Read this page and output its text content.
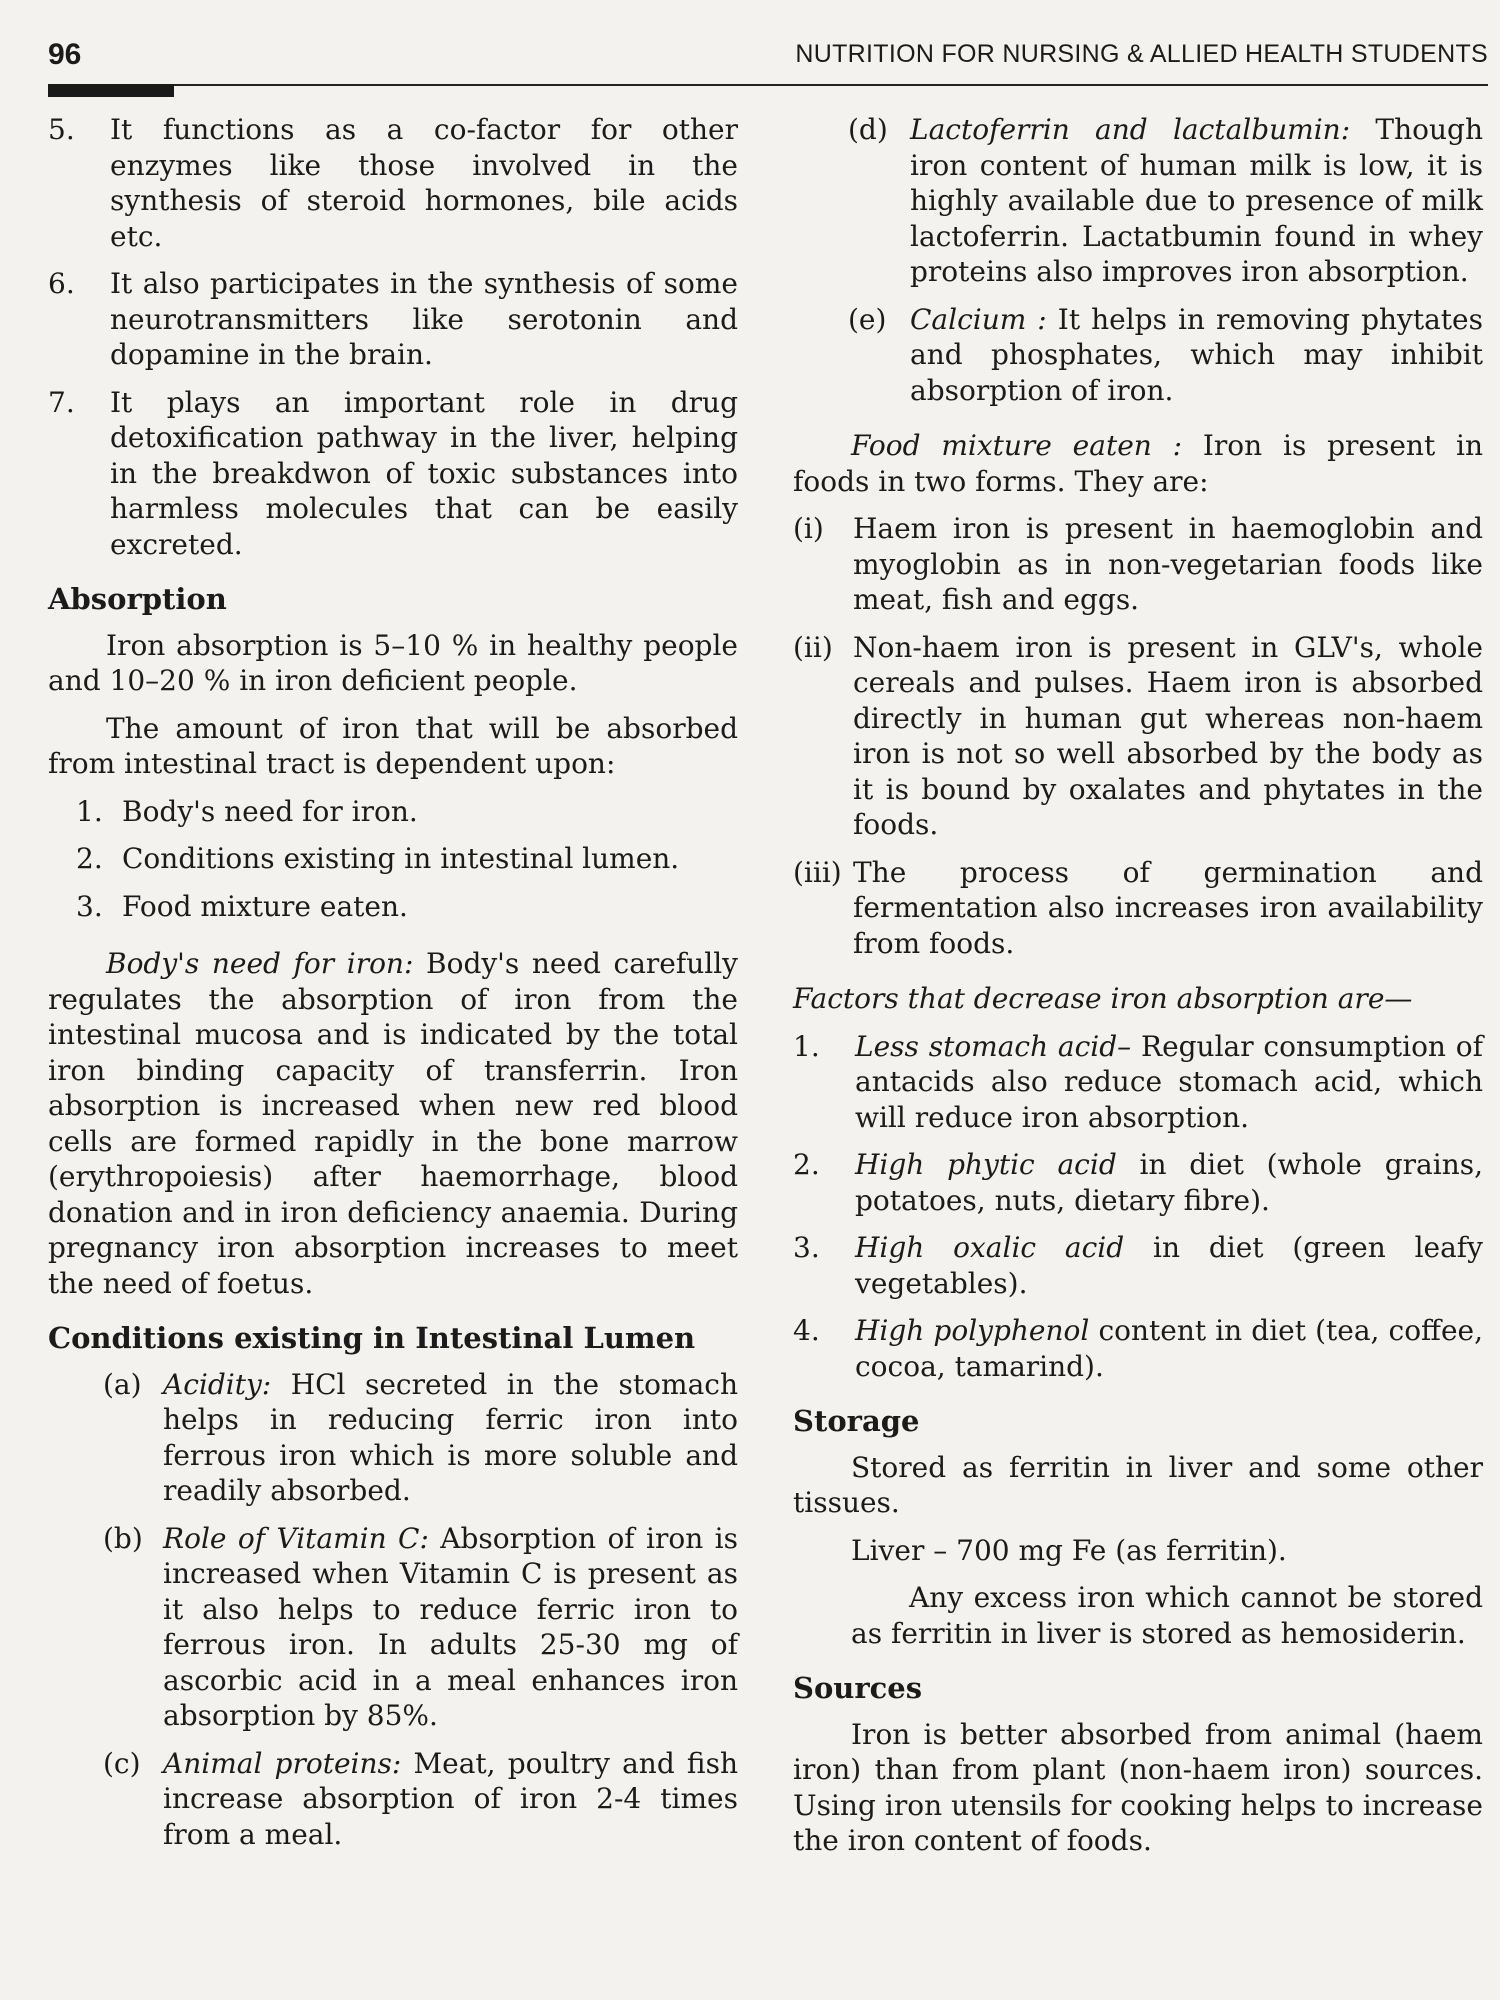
96	NUTRITION FOR NURSING & ALLIED HEALTH STUDENTS
5.	It functions as a co-factor for other enzymes like those involved in the synthesis of steroid hormones, bile acids etc.
6.	It also participates in the synthesis of some neurotransmitters like serotonin and dopamine in the brain.
7.	It plays an important role in drug detoxification pathway in the liver, helping in the breakdwon of toxic substances into harmless molecules that can be easily excreted.
Absorption

Iron absorption is 5–10 % in healthy people and 10–20 % in iron deficient people.

The amount of iron that will be absorbed from intestinal tract is dependent upon:

1. Body's need for iron.
2. Conditions existing in intestinal lumen.
3. Food mixture eaten.

Body's need for iron: Body's need carefully regulates the absorption of iron from the intestinal mucosa and is indicated by the total iron binding capacity of transferrin. Iron absorption is increased when new red blood cells are formed rapidly in the bone marrow (erythropoiesis) after haemorrhage, blood donation and in iron deficiency anaemia. During pregnancy iron absorption increases to meet the need of foetus.

Conditions existing in Intestinal Lumen
(a) Acidity: HCl secreted in the stomach helps in reducing ferric iron into ferrous iron which is more soluble and readily absorbed.
(b) Role of Vitamin C: Absorption of iron is increased when Vitamin C is present as it also helps to reduce ferric iron to ferrous iron. In adults 25-30 mg of ascorbic acid in a meal enhances iron absorption by 85%.
(c) Animal proteins: Meat, poultry and fish increase absorption of iron 2-4 times from a meal.
(d) Lactoferrin and lactalbumin: Though iron content of human milk is low, it is highly available due to presence of milk lactoferrin. Lactatbumin found in whey proteins also improves iron absorption.
(e) Calcium : It helps in removing phytates and phosphates, which may inhibit absorption of iron.

Food mixture eaten : Iron is present in foods in two forms. They are:

(i)	Haem iron is present in haemoglobin and myoglobin as in non-vegetarian foods like meat, fish and eggs.
(ii) Non-haem iron is present in GLV's, whole cereals and pulses. Haem iron is absorbed directly in human gut whereas non-haem iron is not so well absorbed by the body as it is bound by oxalates and phytates in the foods.
(iii) The process of germination and fermentation also increases iron availability from foods.

Factors that decrease iron absorption are—

1.	Less stomach acid– Regular consumption of antacids also reduce stomach acid, which will reduce iron absorption.
2.	High phytic acid in diet (whole grains, potatoes, nuts, dietary fibre).
3.	High oxalic acid in diet (green leafy vegetables).
4.	High polyphenol content in diet (tea, coffee, cocoa, tamarind).
Storage

Stored as ferritin in liver and some other tissues.

Liver – 700 mg Fe (as ferritin).

Any excess iron which cannot be stored as ferritin in liver is stored as hemosiderin.

Sources

Iron is better absorbed from animal (haem iron) than from plant (non-haem iron) sources. Using iron utensils for cooking helps to increase the iron content of foods.
